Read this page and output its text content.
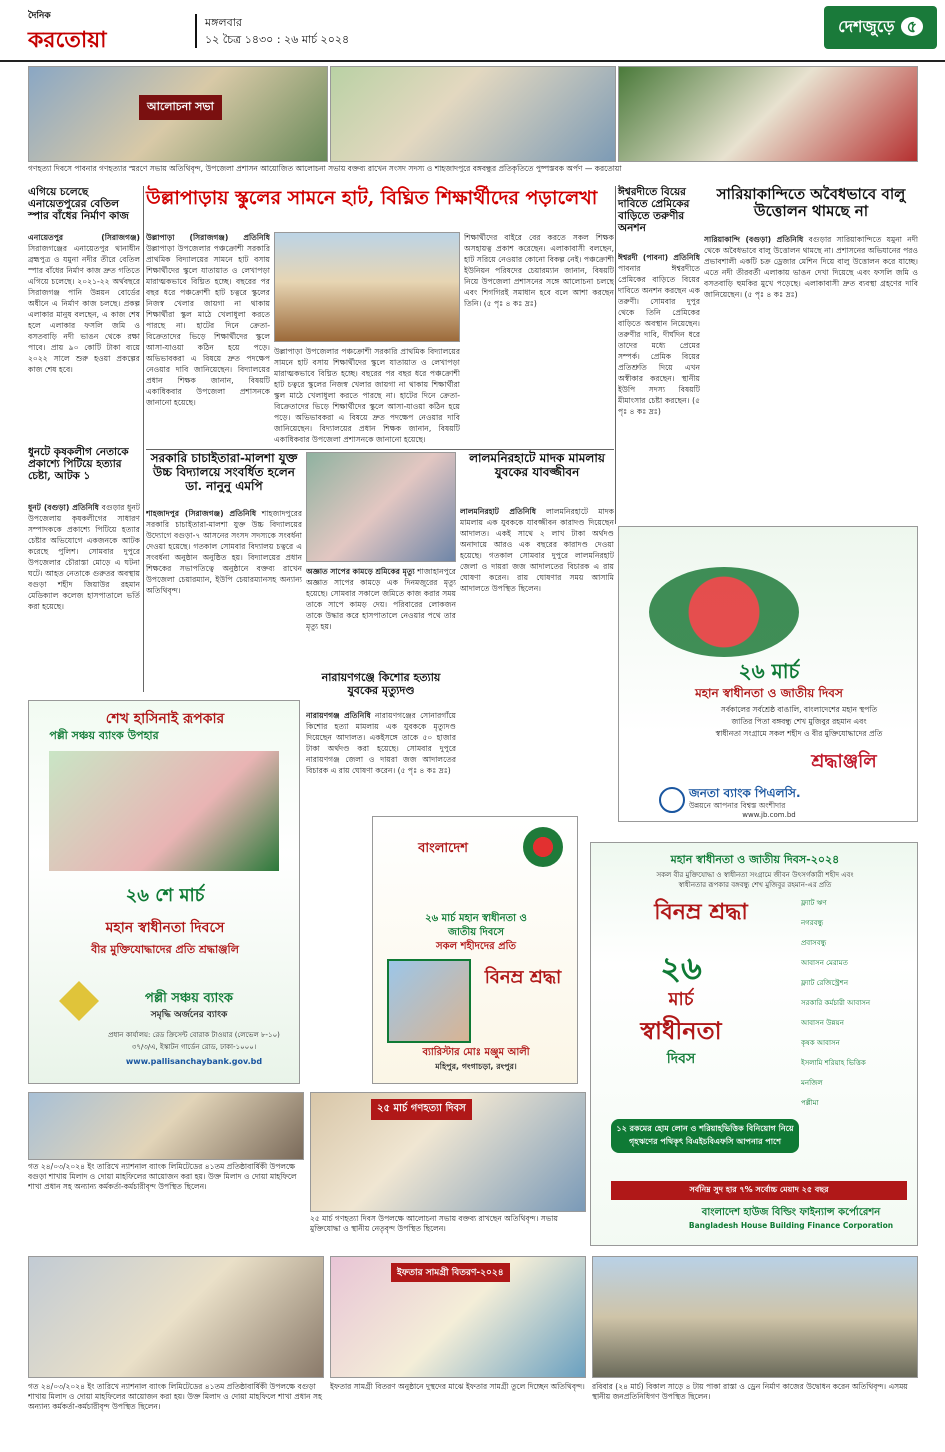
দৈনিক
করতোয়া
মঙ্গলবার
১২ চৈত্র ১৪৩০ : ২৬ মার্চ ২০২৪
দেশজুড়ে ৫
আলোচনা সভা
গণহত্যা দিবসে পাবনার গণহত্যার স্মরণে সভায় অতিথিবৃন্দ, উপজেলা প্রশাসন আয়োজিত আলোচনা সভায় বক্তব্য রাখেন সংসদ সদস্য ও শাহজাদপুরে বঙ্গবন্ধুর প্রতিকৃতিতে পুষ্পস্তবক অর্পণ — করতোয়া
এগিয়ে চলেছে এনায়েতপুরের বেতিল স্পার বাঁধের নির্মাণ কাজ
এনায়েতপুর (সিরাজগঞ্জ) সিরাজগঞ্জের এনায়েতপুর থানাধীন ব্রহ্মপুত্র ও যমুনা নদীর তীরে বেতিল স্পার বাঁধের নির্মাণ কাজ দ্রুত গতিতে এগিয়ে চলেছে। ২০২১-২২ অর্থবছরে সিরাজগঞ্জ পানি উন্নয়ন বোর্ডের অধীনে এ নির্মাণ কাজ চলছে। প্রকল্প এলাকার মানুষ বলছেন, এ কাজ শেষ হলে এলাকার ফসলি জমি ও বসতবাড়ি নদী ভাঙন থেকে রক্ষা পাবে। প্রায় ৯০ কোটি টাকা ব্যয়ে ২০২২ সালে শুরু হওয়া প্রকল্পের কাজ শেষ হবে।
ধুনটে কৃষকলীগ নেতাকে প্রকাশ্যে পিটিয়ে হত্যার চেষ্টা, আটক ১
ধুনট (বগুড়া) প্রতিনিধি বগুড়ার ধুনট উপজেলায় কৃষকলীগের সাধারণ সম্পাদককে প্রকাশ্যে পিটিয়ে হত্যার চেষ্টার অভিযোগে একজনকে আটক করেছে পুলিশ। সোমবার দুপুরে উপজেলার চৌরাস্তা মোড়ে এ ঘটনা ঘটে। আহত নেতাকে গুরুতর অবস্থায় বগুড়া শহীদ জিয়াউর রহমান মেডিক্যাল কলেজ হাসপাতালে ভর্তি করা হয়েছে।
উল্লাপাড়ায় স্কুলের সামনে হাট, বিঘ্নিত শিক্ষার্থীদের পড়ালেখা
উল্লাপাড়া (সিরাজগঞ্জ) প্রতিনিধি উল্লাপাড়া উপজেলার পঞ্চক্রোশী সরকারি প্রাথমিক বিদ্যালয়ের সামনে হাট বসায় শিক্ষার্থীদের স্কুলে যাতায়াত ও লেখাপড়া মারাত্মকভাবে বিঘ্নিত হচ্ছে। বছরের পর বছর ধরে পঞ্চক্রোশী হাট চত্বরে স্কুলের নিজস্ব খেলার জায়গা না থাকায় শিক্ষার্থীরা স্কুল মাঠে খেলাধুলা করতে পারছে না। হাটের দিনে ক্রেতা-বিক্রেতাদের ভিড়ে শিক্ষার্থীদের স্কুলে আসা-যাওয়া কঠিন হয়ে পড়ে। অভিভাবকরা এ বিষয়ে দ্রুত পদক্ষেপ নেওয়ার দাবি জানিয়েছেন। বিদ্যালয়ের প্রধান শিক্ষক জানান, বিষয়টি একাধিকবার উপজেলা প্রশাসনকে জানানো হয়েছে।
উল্লাপাড়া উপজেলার পঞ্চক্রোশী সরকারি প্রাথমিক বিদ্যালয়ের সামনে হাট বসায় শিক্ষার্থীদের স্কুলে যাতায়াত ও লেখাপড়া মারাত্মকভাবে বিঘ্নিত হচ্ছে। বছরের পর বছর ধরে পঞ্চক্রোশী হাট চত্বরে স্কুলের নিজস্ব খেলার জায়গা না থাকায় শিক্ষার্থীরা স্কুল মাঠে খেলাধুলা করতে পারছে না। হাটের দিনে ক্রেতা-বিক্রেতাদের ভিড়ে শিক্ষার্থীদের স্কুলে আসা-যাওয়া কঠিন হয়ে পড়ে। অভিভাবকরা এ বিষয়ে দ্রুত পদক্ষেপ নেওয়ার দাবি জানিয়েছেন। বিদ্যালয়ের প্রধান শিক্ষক জানান, বিষয়টি একাধিকবার উপজেলা প্রশাসনকে জানানো হয়েছে।
শিক্ষার্থীদের বাইরে বের করতে সকল শিক্ষক অসহায়ত্ব প্রকাশ করেছেন। এলাকাবাসী বলছেন, হাট সরিয়ে নেওয়ার কোনো বিকল্প নেই। পঞ্চক্রোশী ইউনিয়ন পরিষদের চেয়ারম্যান জানান, বিষয়টি নিয়ে উপজেলা প্রশাসনের সঙ্গে আলোচনা চলছে এবং শিগগিরই সমাধান হবে বলে আশা করছেন তিনি। (৫ পৃঃ ৪ কঃ দ্রঃ)
সরকারি চাচাইতারা-মালশা যুক্ত উচ্চ বিদ্যালয়ে সংবর্ধিত হলেন ডা. নানুনু এমপি
শাহজাদপুর (সিরাজগঞ্জ) প্রতিনিধি শাহজাদপুরের সরকারি চাচাইতারা-মালশা যুক্ত উচ্চ বিদ্যালয়ের উদ্যোগে বগুড়া-৭ আসনের সংসদ সদস্যকে সংবর্ধনা দেওয়া হয়েছে। গতকাল সোমবার বিদ্যালয় চত্বরে এ সংবর্ধনা অনুষ্ঠান অনুষ্ঠিত হয়। বিদ্যালয়ের প্রধান শিক্ষকের সভাপতিত্বে অনুষ্ঠানে বক্তব্য রাখেন উপজেলা চেয়ারম্যান, ইউপি চেয়ারম্যানসহ অন্যান্য অতিথিবৃন্দ।
অজ্ঞাত সাপের কামড়ে শ্রমিকের মৃত্যু শাজাহানপুরে অজ্ঞাত সাপের কামড়ে এক দিনমজুরের মৃত্যু হয়েছে। সোমবার সকালে জমিতে কাজ করার সময় তাকে সাপে কামড় দেয়। পরিবারের লোকজন তাকে উদ্ধার করে হাসপাতালে নেওয়ার পথে তার মৃত্যু হয়।
লালমনিরহাটে মাদক মামলায় যুবকের যাবজ্জীবন
লালমনিরহাট প্রতিনিধি লালমনিরহাটে মাদক মামলায় এক যুবককে যাবজ্জীবন কারাদণ্ড দিয়েছেন আদালত। একই সাথে ২ লাখ টাকা অর্থদণ্ড অনাদায়ে আরও এক বছরের কারাদণ্ড দেওয়া হয়েছে। গতকাল সোমবার দুপুরে লালমনিরহাট জেলা ও দায়রা জজ আদালতের বিচারক এ রায় ঘোষণা করেন। রায় ঘোষণার সময় আসামি আদালতে উপস্থিত ছিলেন।
নারায়ণগঞ্জে কিশোর হত্যায় যুবকের মৃত্যুদণ্ড
নারায়ণগঞ্জ প্রতিনিধি নারায়ণগঞ্জের সোনারগাঁয়ে কিশোর হত্যা মামলায় এক যুবককে মৃত্যুদণ্ড দিয়েছেন আদালত। একইসঙ্গে তাকে ৫০ হাজার টাকা অর্থদণ্ড করা হয়েছে। সোমবার দুপুরে নারায়ণগঞ্জ জেলা ও দায়রা জজ আদালতের বিচারক এ রায় ঘোষণা করেন। (৫ পৃঃ ৪ কঃ দ্রঃ)
ঈশ্বরদীতে বিয়ের দাবিতে প্রেমিকের বাড়িতে তরুণীর অনশন
ঈশ্বরদী (পাবনা) প্রতিনিধি পাবনার ঈশ্বরদীতে প্রেমিকের বাড়িতে বিয়ের দাবিতে অনশন করছেন এক তরুণী। সোমবার দুপুর থেকে তিনি প্রেমিকের বাড়িতে অবস্থান নিয়েছেন। তরুণীর দাবি, দীর্ঘদিন ধরে তাদের মধ্যে প্রেমের সম্পর্ক। প্রেমিক বিয়ের প্রতিশ্রুতি দিয়ে এখন অস্বীকার করছেন। স্থানীয় ইউপি সদস্য বিষয়টি মীমাংসার চেষ্টা করছেন। (৫ পৃঃ ৪ কঃ দ্রঃ)
সারিয়াকান্দিতে অবৈধভাবে বালু উত্তোলন থামছে না
সারিয়াকান্দি (বগুড়া) প্রতিনিধি বগুড়ার সারিয়াকান্দিতে যমুনা নদী থেকে অবৈধভাবে বালু উত্তোলন থামছে না। প্রশাসনের অভিযানের পরও প্রভাবশালী একটি চক্র ড্রেজার মেশিন দিয়ে বালু উত্তোলন করে যাচ্ছে। এতে নদী তীরবর্তী এলাকায় ভাঙন দেখা দিয়েছে এবং ফসলি জমি ও বসতবাড়ি হুমকির মুখে পড়েছে। এলাকাবাসী দ্রুত ব্যবস্থা গ্রহণের দাবি জানিয়েছেন। (৫ পৃঃ ৪ কঃ দ্রঃ)
২৬ মার্চ
মহান স্বাধীনতা ও জাতীয় দিবস
সর্বকালের সর্বশ্রেষ্ঠ বাঙালি, বাংলাদেশের মহান স্থপতি
জাতির পিতা বঙ্গবন্ধু শেখ মুজিবুর রহমান এবং
স্বাধীনতা সংগ্রামে সকল শহীদ ও বীর মুক্তিযোদ্ধাদের প্রতি
শ্রদ্ধাঞ্জলি
জনতা ব্যাংক পিএলসি.
উন্নয়নে আপনার বিশ্বস্ত অংশীদার
www.jb.com.bd
শেখ হাসিনাই রূপকার
পল্লী সঞ্চয় ব্যাংক উপহার
২৬ শে মার্চ
মহান স্বাধীনতা দিবসে
বীর মুক্তিযোদ্ধাদের প্রতি শ্রদ্ধাঞ্জলি
পল্লী সঞ্চয় ব্যাংক
সমৃদ্ধি অর্জনের ব্যাংক
প্রধান কার্যালয়: রেড ক্রিসেন্ট বোরাক টাওয়ার (লেভেল ৮-১০)
৩৭/৩/এ, ইস্কাটন গার্ডেন রোড, ঢাকা-১০০০।
www.pallisanchaybank.gov.bd
বাংলাদেশ
২৬ মার্চ মহান স্বাধীনতা ও
জাতীয় দিবসে
সকল শহীদদের প্রতি
বিনম্র শ্রদ্ধা
ব্যারিস্টার মোঃ মঞ্জুম আলী
মহিপুর, গংগাচড়া, রংপুর।
মহান স্বাধীনতা ও জাতীয় দিবস-২০২৪
সকল বীর মুক্তিযোদ্ধা ও স্বাধীনতা সংগ্রামে জীবন উৎসর্গকারী শহীদ এবং
স্বাধীনতার রূপকার বঙ্গবন্ধু শেখ মুজিবুর রহমান-এর প্রতি
বিনম্র শ্রদ্ধা
২৬
মার্চ
স্বাধীনতা
দিবস
ফ্ল্যাট ঋণ
নগরবন্ধু
প্রবাসবন্ধু
আবাসন মেরামত
ফ্ল্যাট রেজিস্ট্রেশন
সরকারি কর্মচারী আবাসন
আবাসন উন্নয়ন
কৃষক আবাসন
ইসলামি শরিয়াহ ভিত্তিক
মনজিল
পল্লীমা
১২ রকমের হোম লোন ও শরিয়াহভিত্তিক বিনিয়োগ নিয়ে গৃহঋণের পথিকৃৎ বিএইচবিএফসি আপনার পাশে
সর্বনিম্ন সুদ হার ৭% সর্বোচ্চ মেয়াদ ২৫ বছর
বাংলাদেশ হাউজ বিল্ডিং ফাইন্যান্স কর্পোরেশন
Bangladesh House Building Finance Corporation
গত ২৪/০৩/২০২৪ ইং তারিখে ন্যাশনাল ব্যাংক লিমিটেডের ৪১তম প্রতিষ্ঠাবার্ষিকী উপলক্ষে বগুড়া শাখায় মিলাদ ও দোয়া মাহফিলের আয়োজন করা হয়। উক্ত মিলাদ ও দোয়া মাহফিলে শাখা প্রধান সহ অন্যান্য কর্মকর্তা-কর্মচারীবৃন্দ উপস্থিত ছিলেন।
২৫ মার্চ গণহত্যা দিবস
২৫ মার্চ গণহত্যা দিবস উপলক্ষে আলোচনা সভায় বক্তব্য রাখছেন অতিথিবৃন্দ। সভায় মুক্তিযোদ্ধা ও স্থানীয় নেতৃবৃন্দ উপস্থিত ছিলেন।
গত ২৪/০৩/২০২৪ ইং তারিখে ন্যাশনাল ব্যাংক লিমিটেডের ৪১তম প্রতিষ্ঠাবার্ষিকী উপলক্ষে বগুড়া শাখায় মিলাদ ও দোয়া মাহফিলের আয়োজন করা হয়। উক্ত মিলাদ ও দোয়া মাহফিলে শাখা প্রধান সহ অন্যান্য কর্মকর্তা-কর্মচারীবৃন্দ উপস্থিত ছিলেন।
ইফতার সামগ্রী বিতরণ-২০২৪
ইফতার সামগ্রী বিতরণ অনুষ্ঠানে দুস্থদের মাঝে ইফতার সামগ্রী তুলে দিচ্ছেন অতিথিবৃন্দ। রবিবার (২৪ মার্চ) বিকাল সাড়ে ৪ টায় পাকা রাস্তা ও ড্রেন নির্মাণ কাজের উদ্বোধন করেন অতিথিবৃন্দ। এসময় স্থানীয় জনপ্রতিনিধিগণ উপস্থিত ছিলেন।
